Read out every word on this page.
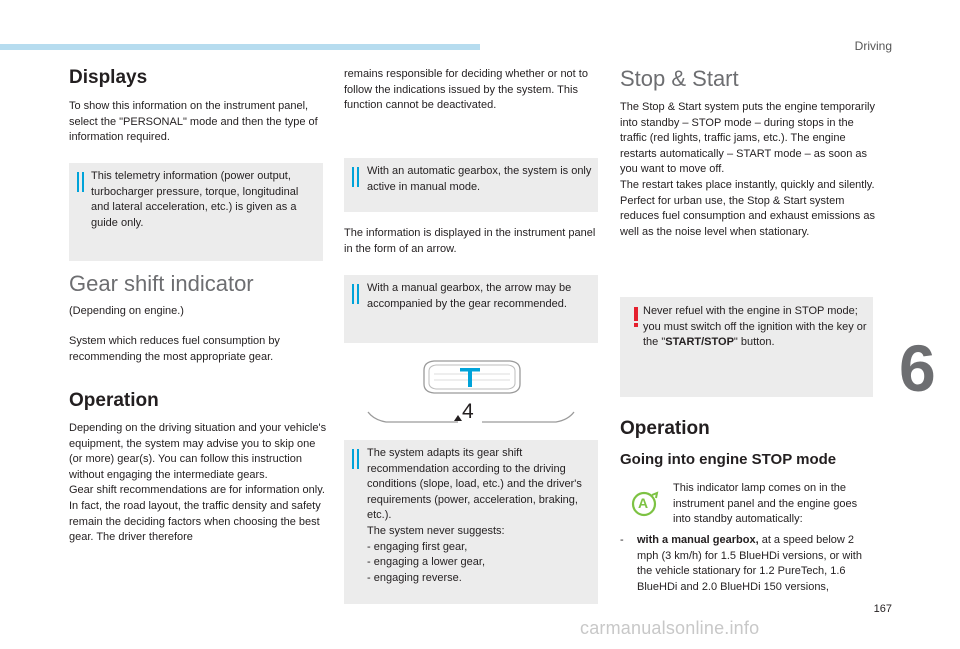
Driving
6
167
carmanualsonline.info
Displays

To show this information on the instrument panel, select the "PERSONAL" mode and then the type of information required.

This telemetry information (power output, turbocharger pressure, torque, longitudinal and lateral acceleration, etc.) is given as a guide only.

Gear shift indicator

(Depending on engine.)

System which reduces fuel consumption by recommending the most appropriate gear.

Operation

Depending on the driving situation and your vehicle's equipment, the system may advise you to skip one (or more) gear(s). You can follow this instruction without engaging the intermediate gears.
Gear shift recommendations are for information only. In fact, the road layout, the traffic density and safety remain the deciding factors when choosing the best gear. The driver therefore

remains responsible for deciding whether or not to follow the indications issued by the system. This function cannot be deactivated.

With an automatic gearbox, the system is only active in manual mode.

The information is displayed in the instrument panel in the form of an arrow.

With a manual gearbox, the arrow may be accompanied by the gear recommended.

4

The system adapts its gear shift recommendation according to the driving conditions (slope, load, etc.) and the driver's requirements (power, acceleration, braking, etc.).
The system never suggests:
- engaging first gear,
- engaging a lower gear,
- engaging reverse.

Stop & Start

The Stop & Start system puts the engine temporarily into standby – STOP mode – during stops in the traffic (red lights, traffic jams, etc.). The engine restarts automatically – START mode – as soon as you want to move off.
The restart takes place instantly, quickly and silently.
Perfect for urban use, the Stop & Start system reduces fuel consumption and exhaust emissions as well as the noise level when stationary.

Never refuel with the engine in STOP mode; you must switch off the ignition with the key or the "START/STOP" button.

Operation
Going into engine STOP mode
A

This indicator lamp comes on in the instrument panel and the engine goes into standby automatically:

- with a manual gearbox, at a speed below 2 mph (3 km/h) for 1.5 BlueHDi versions, or with the vehicle stationary for 1.2 PureTech, 1.6 BlueHDi and 2.0 BlueHDi 150 versions,
